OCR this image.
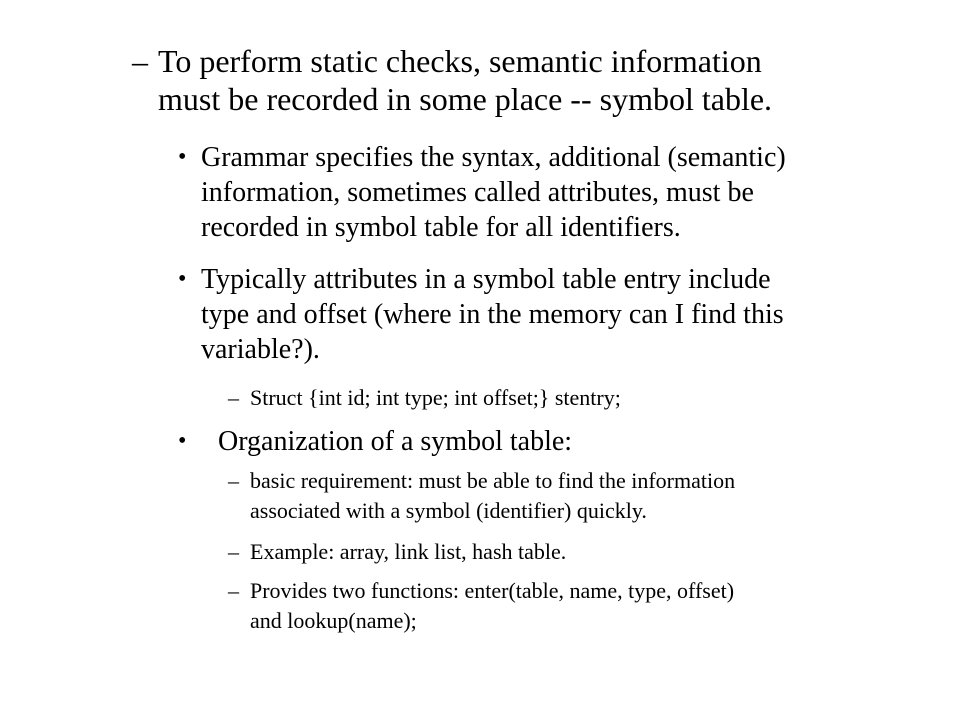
– To perform static checks, semantic information
must be recorded in some place -- symbol table.
• Grammar specifies the syntax, additional (semantic)
information, sometimes called attributes, must be
recorded in symbol table for all identifiers.
• Typically attributes in a symbol table entry include
type and offset (where in the memory can I find this
variable?).
– Struct {int id; int type; int offset;} stentry;
•	Organization of a symbol table:
– basic requirement: must be able to find the information
associated with a symbol (identifier) quickly.
– Example: array, link list, hash table.
– Provides two functions: enter(table, name, type, offset)
and lookup(name);
